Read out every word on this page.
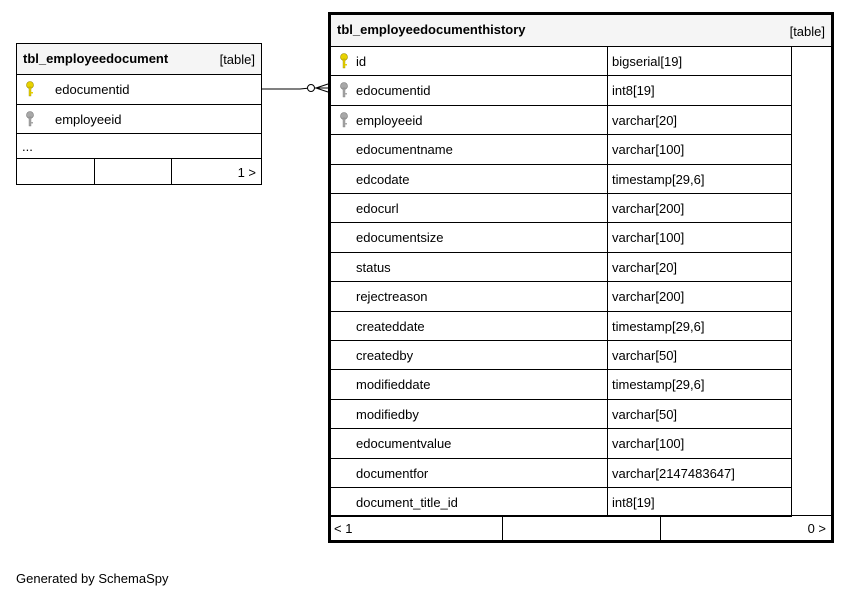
tbl_employeedocument	[table]
edocumentid
employeeid
...
1 >
tbl_employeedocumenthistory	[table]
id	bigserial[19]
edocumentid	int8[19]
employeeid	varchar[20]
edocumentname	varchar[100]
edcodate	timestamp[29,6]
edocurl	varchar[200]
edocumentsize	varchar[100]
status	varchar[20]
rejectreason	varchar[200]
createddate	timestamp[29,6]
createdby	varchar[50]
modifieddate	timestamp[29,6]
modifiedby	varchar[50]
edocumentvalue	varchar[100]
documentfor	varchar[2147483647]
document_title_id	int8[19]
< 1	0 >
Generated by SchemaSpy
